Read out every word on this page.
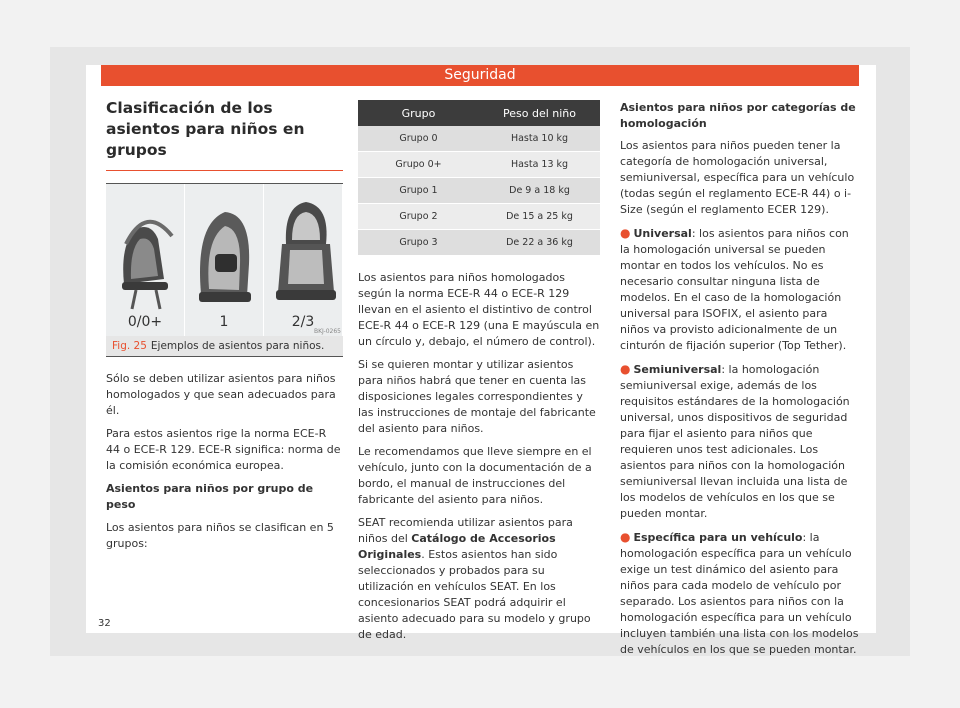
Seguridad
Clasificación de los asientos para niños en grupos
0/0+	1	2/3
BKJ-0265
Fig. 25 Ejemplos de asientos para niños.

Sólo se deben utilizar asientos para niños homologados y que sean adecuados para él.

Para estos asientos rige la norma ECE-R 44 o ECE-R 129. ECE-R significa: norma de la comisión económica europea.

Asientos para niños por grupo de peso

Los asientos para niños se clasifican en 5 grupos:

Grupo	Peso del niño
Grupo 0	Hasta 10 kg
Grupo 0+	Hasta 13 kg
Grupo 1	De 9 a 18 kg
Grupo 2	De 15 a 25 kg
Grupo 3	De 22 a 36 kg

Los asientos para niños homologados según la norma ECE-R 44 o ECE-R 129 llevan en el asiento el distintivo de control ECE-R 44 o ECE-R 129 (una E mayúscula en un círculo y, debajo, el número de control).

Si se quieren montar y utilizar asientos para niños habrá que tener en cuenta las disposiciones legales correspondientes y las instrucciones de montaje del fabricante del asiento para niños.

Le recomendamos que lleve siempre en el vehículo, junto con la documentación de a bordo, el manual de instrucciones del fabricante del asiento para niños.

SEAT recomienda utilizar asientos para niños del Catálogo de Accesorios Originales. Estos asientos han sido seleccionados y probados para su utilización en vehículos SEAT. En los concesionarios SEAT podrá adquirir el asiento adecuado para su modelo y grupo de edad.

Asientos para niños por categorías de homologación

Los asientos para niños pueden tener la categoría de homologación universal, semiuniversal, específica para un vehículo (todas según el reglamento ECE-R 44) o i-Size (según el reglamento ECER 129).

● Universal: los asientos para niños con la homologación universal se pueden montar en todos los vehículos. No es necesario consultar ninguna lista de modelos. En el caso de la homologación universal para ISOFIX, el asiento para niños va provisto adicionalmente de un cinturón de fijación superior (Top Tether).

● Semiuniversal: la homologación semiuniversal exige, además de los requisitos estándares de la homologación universal, unos dispositivos de seguridad para fijar el asiento para niños que requieren unos test adicionales. Los asientos para niños con la homologación semiuniversal llevan incluida una lista de los modelos de vehículos en los que se pueden montar.

● Específica para un vehículo: la homologación específica para un vehículo exige un test dinámico del asiento para niños para cada modelo de vehículo por separado. Los asientos para niños con la homologación específica para un vehículo incluyen también una lista con los modelos de vehículos en los que se pueden montar.

32
